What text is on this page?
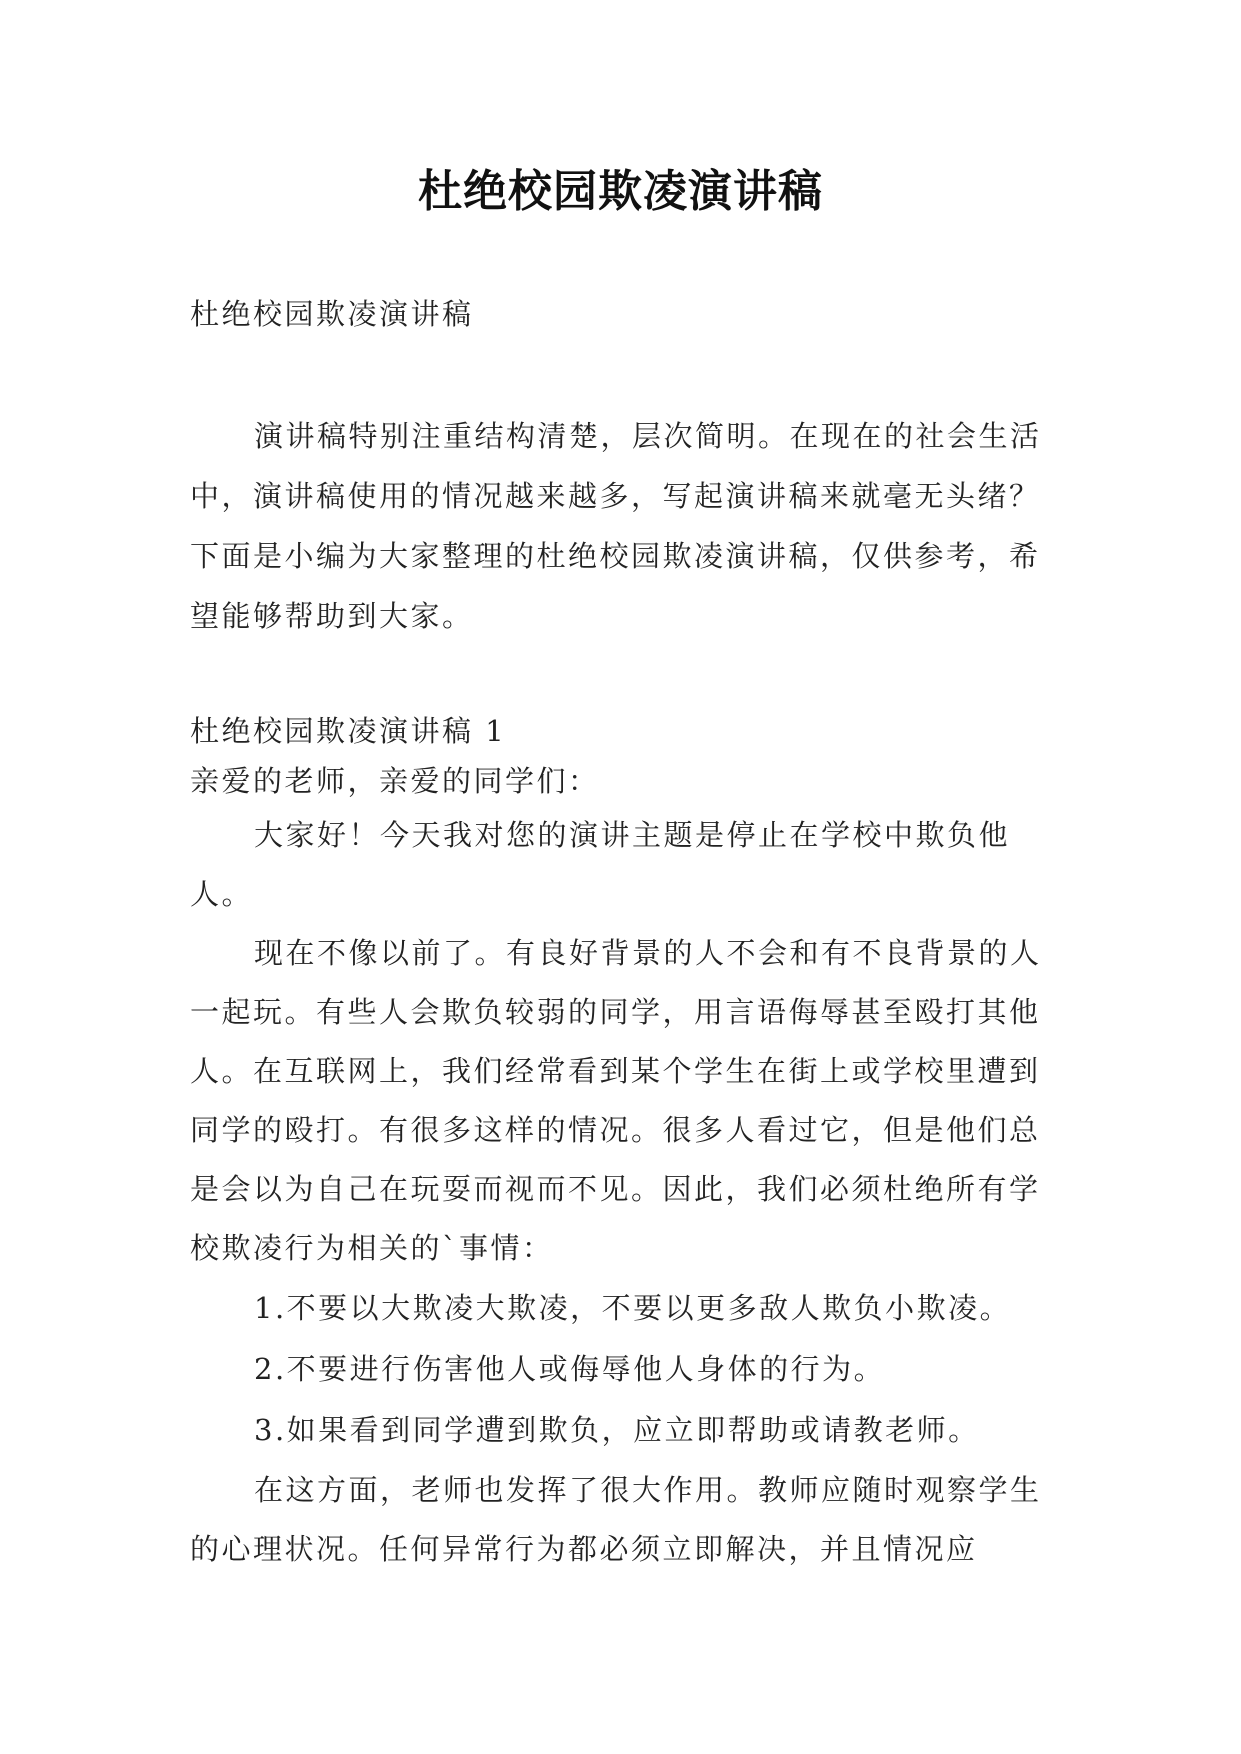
杜绝校园欺凌演讲稿
杜绝校园欺凌演讲稿

演讲稿特别注重结构清楚，层次简明。在现在的社会生活中，演讲稿使用的情况越来越多，写起演讲稿来就毫无头绪？下面是小编为大家整理的杜绝校园欺凌演讲稿，仅供参考，希望能够帮助到大家。

杜绝校园欺凌演讲稿 1

亲爱的老师，亲爱的同学们：

大家好！今天我对您的演讲主题是停止在学校中欺负他人。

现在不像以前了。有良好背景的人不会和有不良背景的人一起玩。有些人会欺负较弱的同学，用言语侮辱甚至殴打其他人。在互联网上，我们经常看到某个学生在街上或学校里遭到同学的殴打。有很多这样的情况。很多人看过它，但是他们总是会以为自己在玩耍而视而不见。因此，我们必须杜绝所有学校欺凌行为相关的`事情：

1.不要以大欺凌大欺凌，不要以更多敌人欺负小欺凌。

2.不要进行伤害他人或侮辱他人身体的行为。

3.如果看到同学遭到欺负，应立即帮助或请教老师。

在这方面，老师也发挥了很大作用。教师应随时观察学生的心理状况。任何异常行为都必须立即解决，并且情况应
